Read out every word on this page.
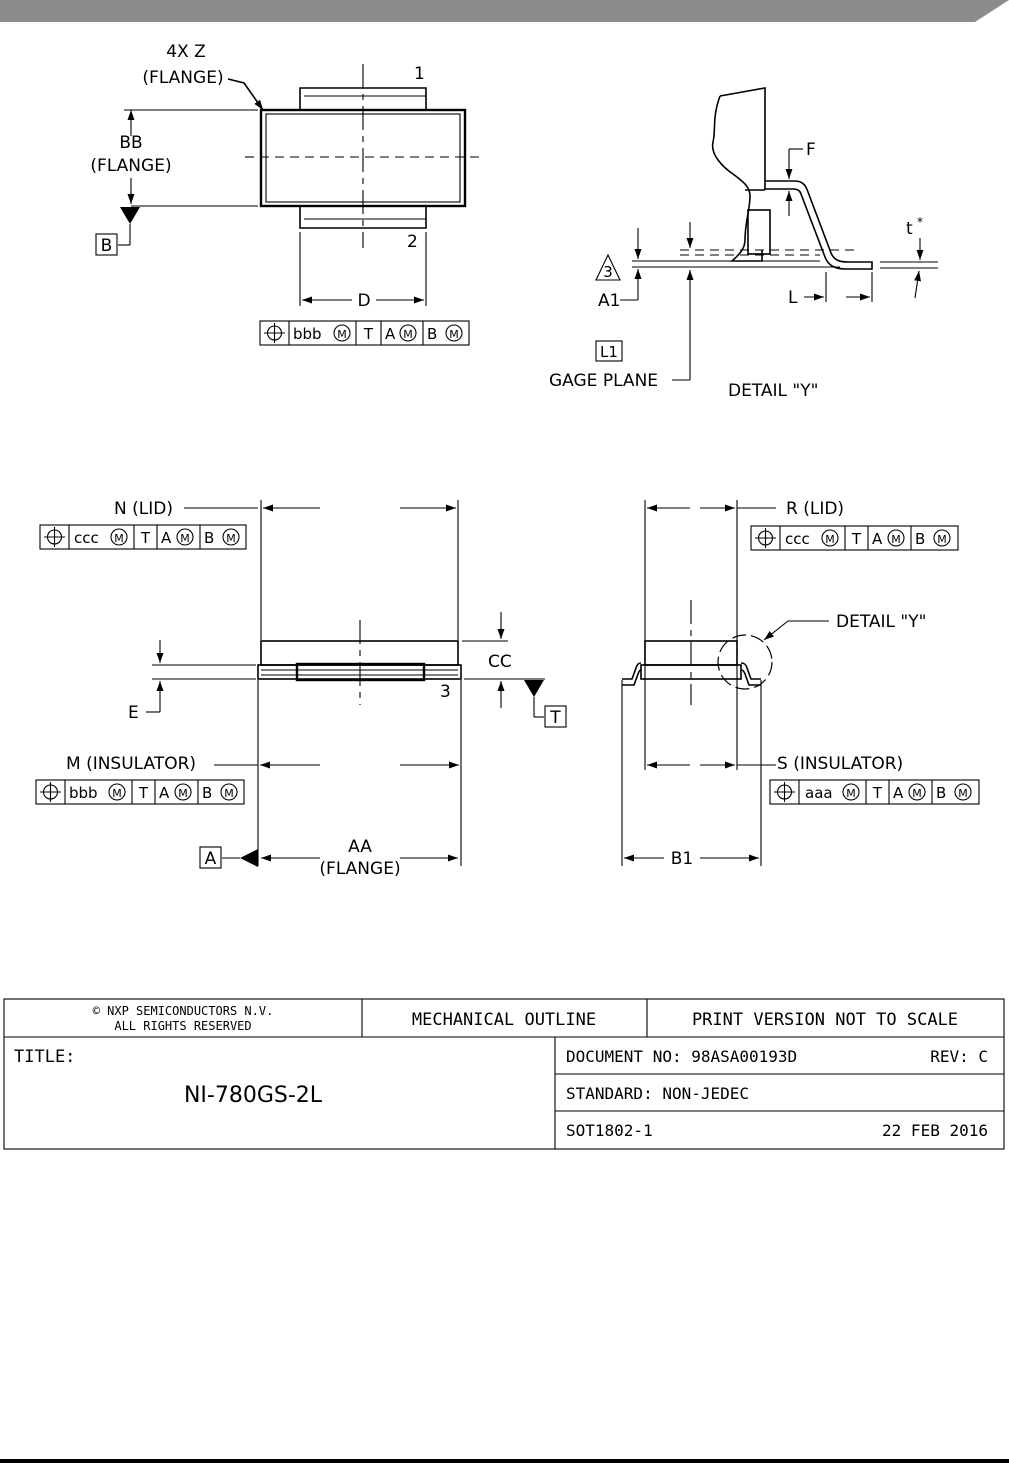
4X Z
(FLANGE)	1
2
BB
(FLANGE)
B
D
bbb M T A M B M
A1
3
GAGE PLANE
L1
F
L
t *
DETAIL "Y"
3
N (LID)
ccc M T A M B M
CC
T
E
M (INSULATOR)
bbb M T A M B M
A
AA
(FLANGE)
R (LID)
ccc M T A M B M
DETAIL "Y"
S (INSULATOR)
aaa M T A M B M
B1
© NXP SEMICONDUCTORS N.V.
ALL RIGHTS RESERVED	MECHANICAL OUTLINE	PRINT VERSION NOT TO SCALE
TITLE:
NI-780GS-2L
DOCUMENT NO: 98ASA00193D	REV: C
STANDARD: NON-JEDEC
SOT1802-1	22 FEB 2016
